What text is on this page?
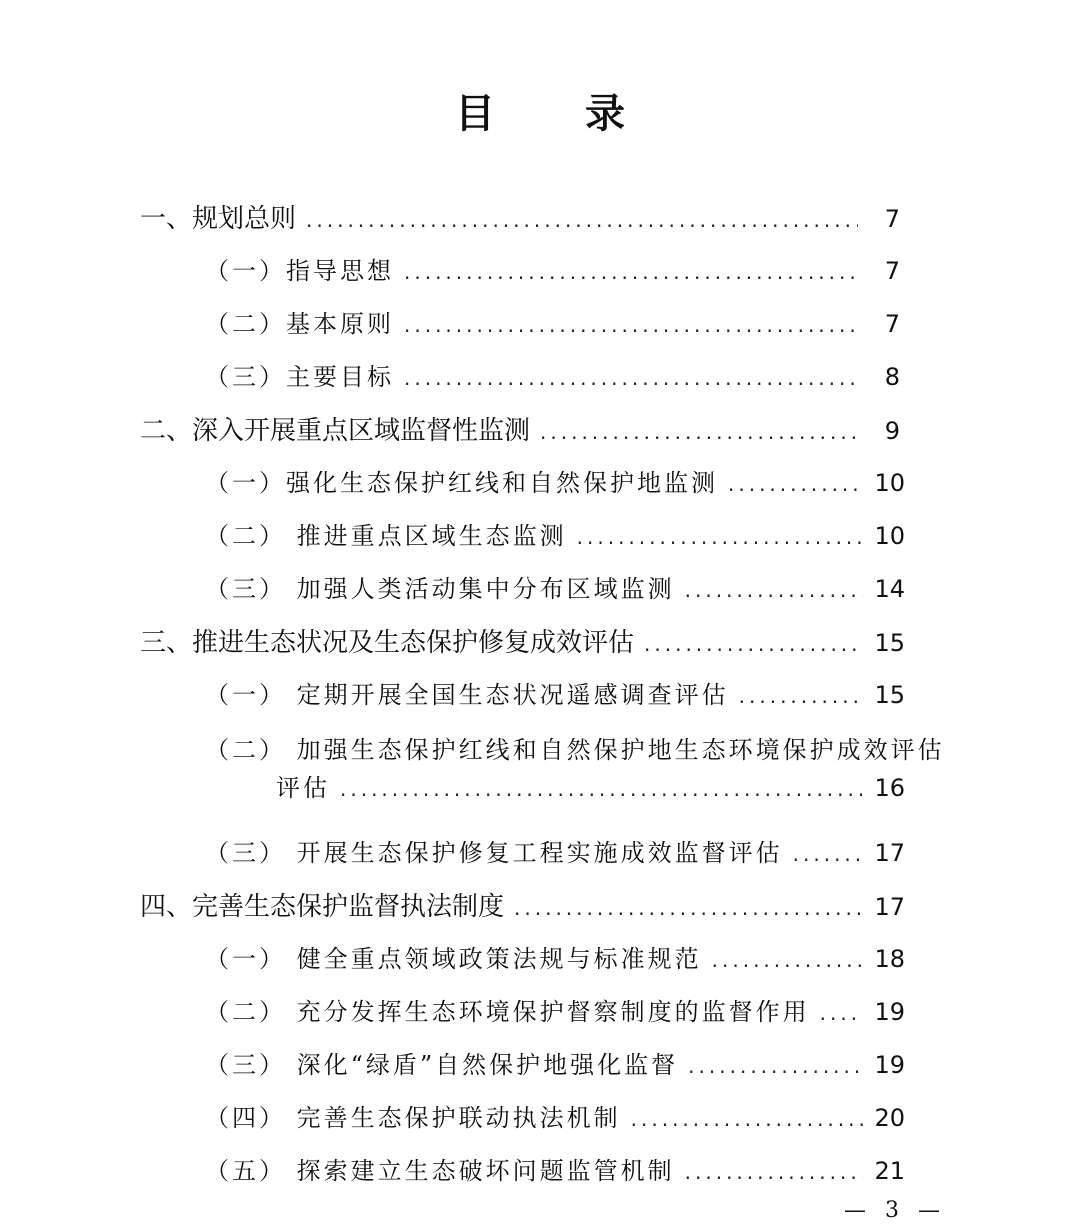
目 录
一、规划总则 .....	7
（一）指导思想 .....	7
（二）基本原则 .....	7
（三）主要目标 .....	8
二、深入开展重点区域监督性监测 .....	9
（一）强化生态保护红线和自然保护地监测 .....	10
（二） 推进重点区域生态监测 .....	10
（三） 加强人类活动集中分布区域监测 .....	14
三、推进生态状况及生态保护修复成效评估 .....	15
（一） 定期开展全国生态状况遥感调查评估 .....	15
（二） 加强生态保护红线和自然保护地生态环境保护成效评估
评估 .....	16
（三） 开展生态保护修复工程实施成效监督评估 .....	17
四、完善生态保护监督执法制度 .....	17
（一） 健全重点领域政策法规与标准规范 .....	18
（二） 充分发挥生态环境保护督察制度的监督作用 .....	19
（三） 深化“绿盾”自然保护地强化监督 .....	19
（四） 完善生态保护联动执法机制 .....	20
（五） 探索建立生态破坏问题监管机制 .....	21
— 3 —
